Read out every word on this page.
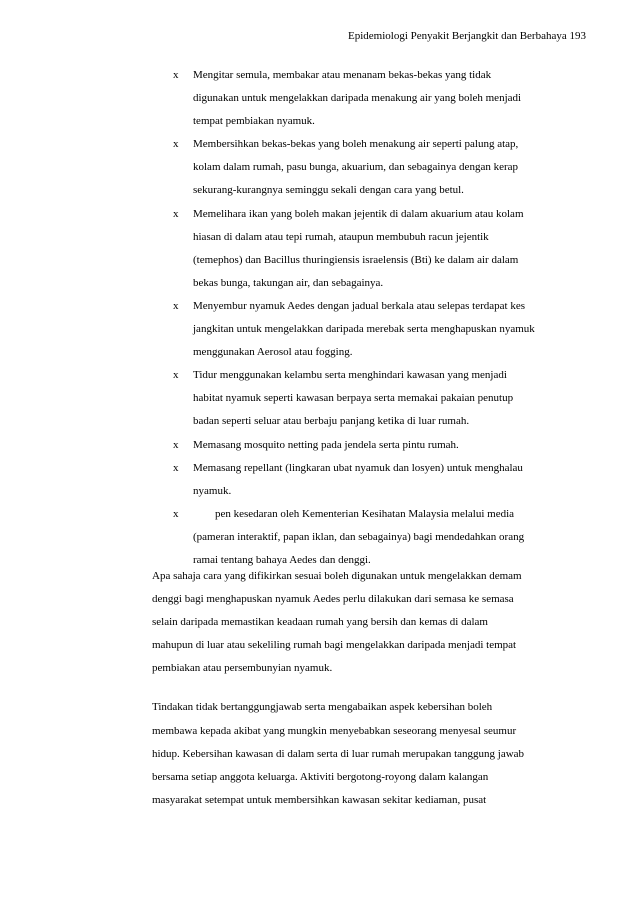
Epidemiologi Penyakit Berjangkit dan Berbahaya 193
x Mengitar semula, membakar atau menanam bekas-bekas yang tidak
digunakan untuk mengelakkan daripada menakung air yang boleh menjadi
tempat pembiakan nyamuk.
x Membersihkan bekas-bekas yang boleh menakung air seperti palung atap,
kolam dalam rumah, pasu bunga, akuarium, dan sebagainya dengan kerap
sekurang-kurangnya seminggu sekali dengan cara yang betul.
x Memelihara ikan yang boleh makan jejentik di dalam akuarium atau kolam
hiasan di dalam atau tepi rumah, ataupun membubuh racun jejentik
(temephos) dan Bacillus thuringiensis israelensis (Bti) ke dalam air dalam
bekas bunga, takungan air, dan sebagainya.
x Menyembur nyamuk Aedes dengan jadual berkala atau selepas terdapat kes
jangkitan untuk mengelakkan daripada merebak serta menghapuskan nyamuk
menggunakan Aerosol atau fogging.
x Tidur menggunakan kelambu serta menghindari kawasan yang menjadi
habitat nyamuk seperti kawasan berpaya serta memakai pakaian penutup
badan seperti seluar atau berbaju panjang ketika di luar rumah.
x Memasang mosquito netting pada jendela serta pintu rumah.
x Memasang repellant (lingkaran ubat nyamuk dan losyen) untuk menghalau
nyamuk.
x pen kesedaran oleh Kementerian Kesihatan Malaysia melalui media
(pameran interaktif, papan iklan, dan sebagainya) bagi mendedahkan orang
ramai tentang bahaya Aedes dan denggi.

Apa sahaja cara yang difikirkan sesuai boleh digunakan untuk mengelakkan demam
denggi bagi menghapuskan nyamuk Aedes perlu dilakukan dari semasa ke semasa
selain daripada memastikan keadaan rumah yang bersih dan kemas di dalam
mahupun di luar atau sekeliling rumah bagi mengelakkan daripada menjadi tempat
pembiakan atau persembunyian nyamuk.

Tindakan tidak bertanggungjawab serta mengabaikan aspek kebersihan boleh
membawa kepada akibat yang mungkin menyebabkan seseorang menyesal seumur
hidup. Kebersihan kawasan di dalam serta di luar rumah merupakan tanggung jawab
bersama setiap anggota keluarga. Aktiviti bergotong-royong dalam kalangan
masyarakat setempat untuk membersihkan kawasan sekitar kediaman, pusat
